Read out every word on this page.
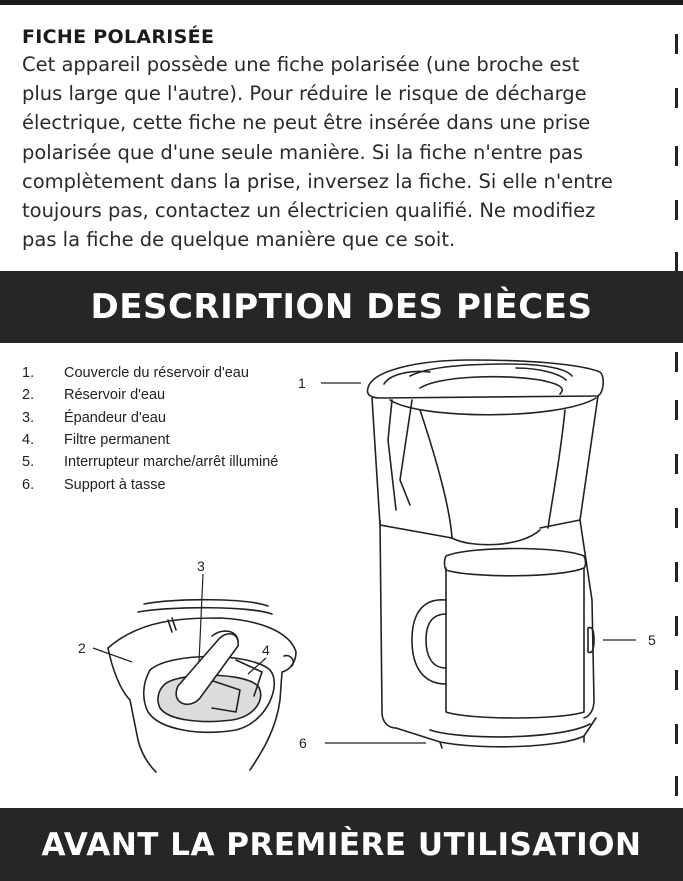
FICHE POLARISÉE

Cet appareil possède une fiche polarisée (une broche est
plus large que l'autre). Pour réduire le risque de décharge
électrique, cette fiche ne peut être insérée dans une prise
polarisée que d'une seule manière. Si la fiche n'entre pas
complètement dans la prise, inversez la fiche. Si elle n'entre
toujours pas, contactez un électricien qualifié. Ne modifiez
pas la fiche de quelque manière que ce soit.

DESCRIPTION DES PIÈCES
1.	Couvercle du réservoir d'eau
2.	Réservoir d'eau
3.	Épandeur d'eau
4.	Filtre permanent
5.	Interrupteur marche/arrêt illuminé
6.	Support à tasse
1
2
3
4
5
6
AVANT LA PREMIÈRE UTILISATION
